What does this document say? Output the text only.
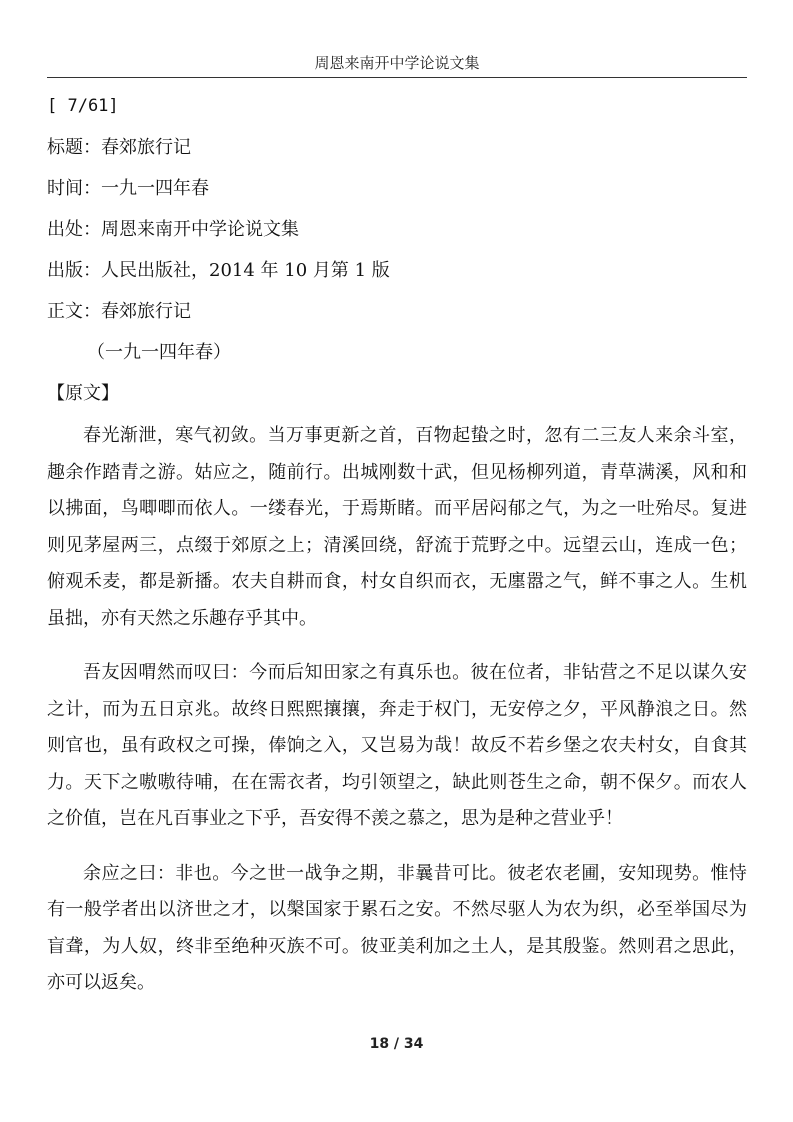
周恩来南开中学论说文集
[ 7/61]
标题：春郊旅行记
时间：一九一四年春
出处：周恩来南开中学论说文集
出版：人民出版社，2014 年 10 月第 1 版
正文：春郊旅行记
（一九一四年春）
【原文】

春光渐泄，寒气初敛。当万事更新之首，百物起蛰之时，忽有二三友人来余斗室，趣余作踏青之游。姑应之，随前行。出城刚数十武，但见杨柳列道，青草满溪，风和和以拂面，鸟唧唧而依人。一缕春光，于焉斯睹。而平居闷郁之气，为之一吐殆尽。复进则见茅屋两三，点缀于郊原之上；清溪回绕，舒流于荒野之中。远望云山，连成一色；俯观禾麦，都是新播。农夫自耕而食，村女自织而衣，无廛嚣之气，鲜不事之人。生机虽拙，亦有天然之乐趣存乎其中。

吾友因喟然而叹曰：今而后知田家之有真乐也。彼在位者，非钻营之不足以谋久安之计，而为五日京兆。故终日熙熙攘攘，奔走于权门，无安停之夕，平风静浪之日。然则官也，虽有政权之可操，俸饷之入，又岂易为哉！故反不若乡堡之农夫村女，自食其力。天下之嗷嗷待哺，在在需衣者，均引领望之，缺此则苍生之命，朝不保夕。而农人之价值，岂在凡百事业之下乎，吾安得不羡之慕之，思为是种之营业乎！

余应之曰：非也。今之世一战争之期，非曩昔可比。彼老农老圃，安知现势。惟恃有一般学者出以济世之才，以槃国家于累石之安。不然尽驱人为农为织，必至举国尽为盲聋，为人奴，终非至绝种灭族不可。彼亚美利加之土人，是其殷鉴。然则君之思此，亦可以返矣。

18 / 34
